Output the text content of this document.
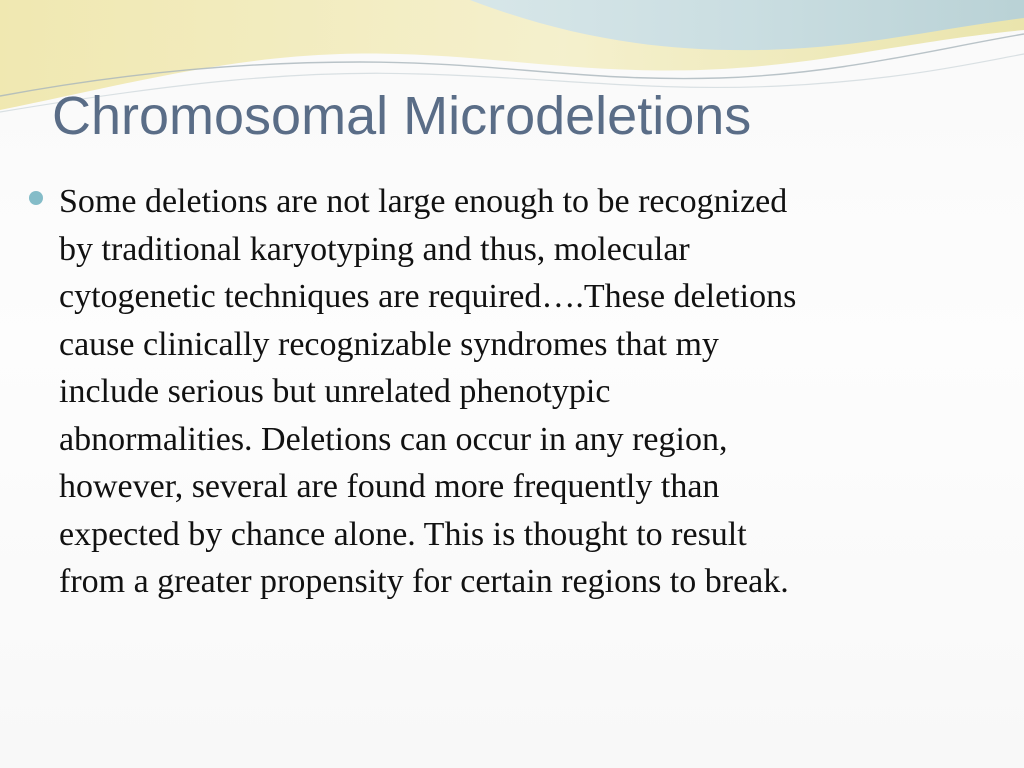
Chromosomal Microdeletions

Some deletions are not large enough to be recognized
by traditional karyotyping and thus, molecular
cytogenetic techniques are required….These deletions
cause clinically recognizable syndromes that my
include serious but unrelated phenotypic
abnormalities. Deletions can occur in any region,
however, several are found more frequently than
expected by chance alone. This is thought to result
from a greater propensity for certain regions to break.
